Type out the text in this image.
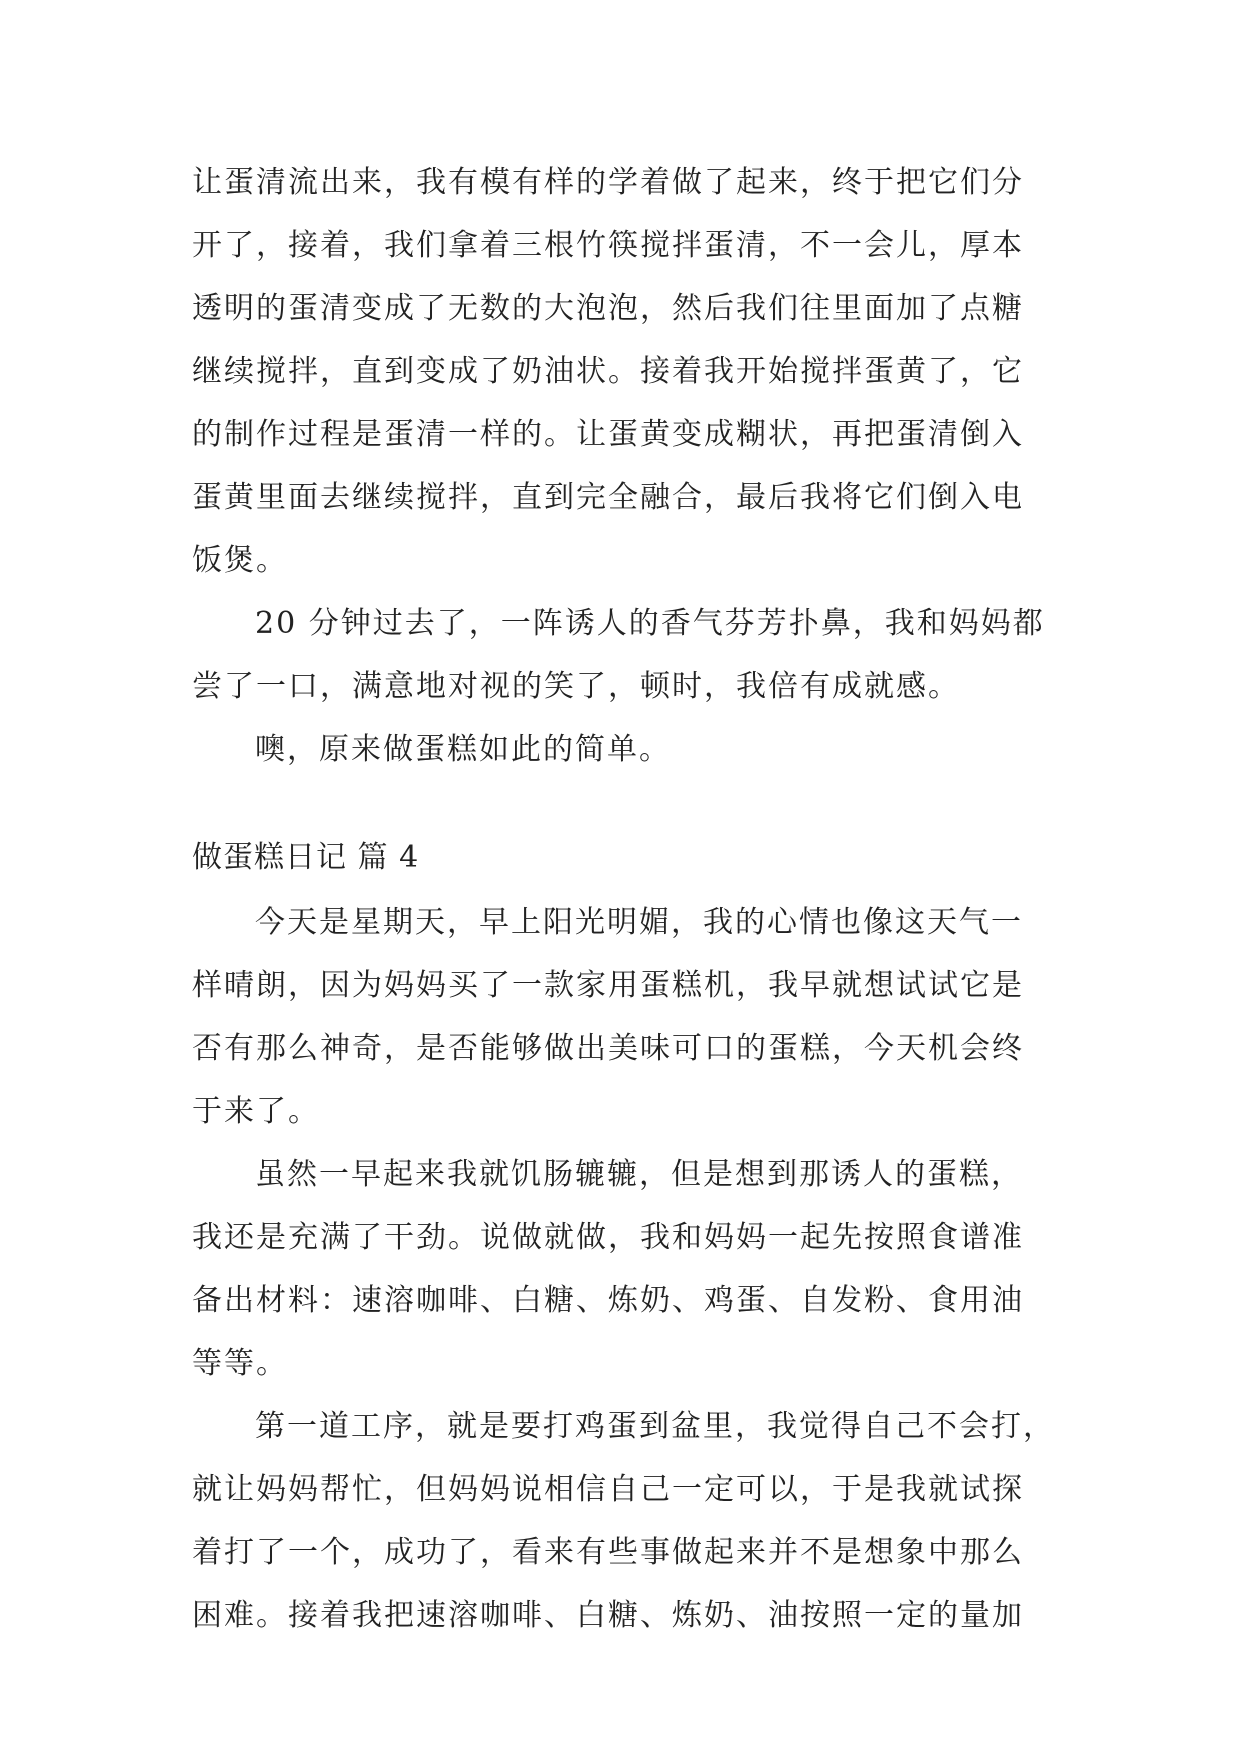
让蛋清流出来，我有模有样的学着做了起来，终于把它们分
开了，接着，我们拿着三根竹筷搅拌蛋清，不一会儿，厚本
透明的蛋清变成了无数的大泡泡，然后我们往里面加了点糖
继续搅拌，直到变成了奶油状。接着我开始搅拌蛋黄了，它
的制作过程是蛋清一样的。让蛋黄变成糊状，再把蛋清倒入
蛋黄里面去继续搅拌，直到完全融合，最后我将它们倒入电
饭煲。
20 分钟过去了，一阵诱人的香气芬芳扑鼻，我和妈妈都
尝了一口，满意地对视的笑了，顿时，我倍有成就感。
噢，原来做蛋糕如此的简单。
做蛋糕日记 篇 4
今天是星期天，早上阳光明媚，我的心情也像这天气一
样晴朗，因为妈妈买了一款家用蛋糕机，我早就想试试它是
否有那么神奇，是否能够做出美味可口的蛋糕，今天机会终
于来了。
虽然一早起来我就饥肠辘辘，但是想到那诱人的蛋糕，
我还是充满了干劲。说做就做，我和妈妈一起先按照食谱准
备出材料：速溶咖啡、白糖、炼奶、鸡蛋、自发粉、食用油
等等。
第一道工序，就是要打鸡蛋到盆里，我觉得自己不会打，
就让妈妈帮忙，但妈妈说相信自己一定可以，于是我就试探
着打了一个，成功了，看来有些事做起来并不是想象中那么
困难。接着我把速溶咖啡、白糖、炼奶、油按照一定的量加
